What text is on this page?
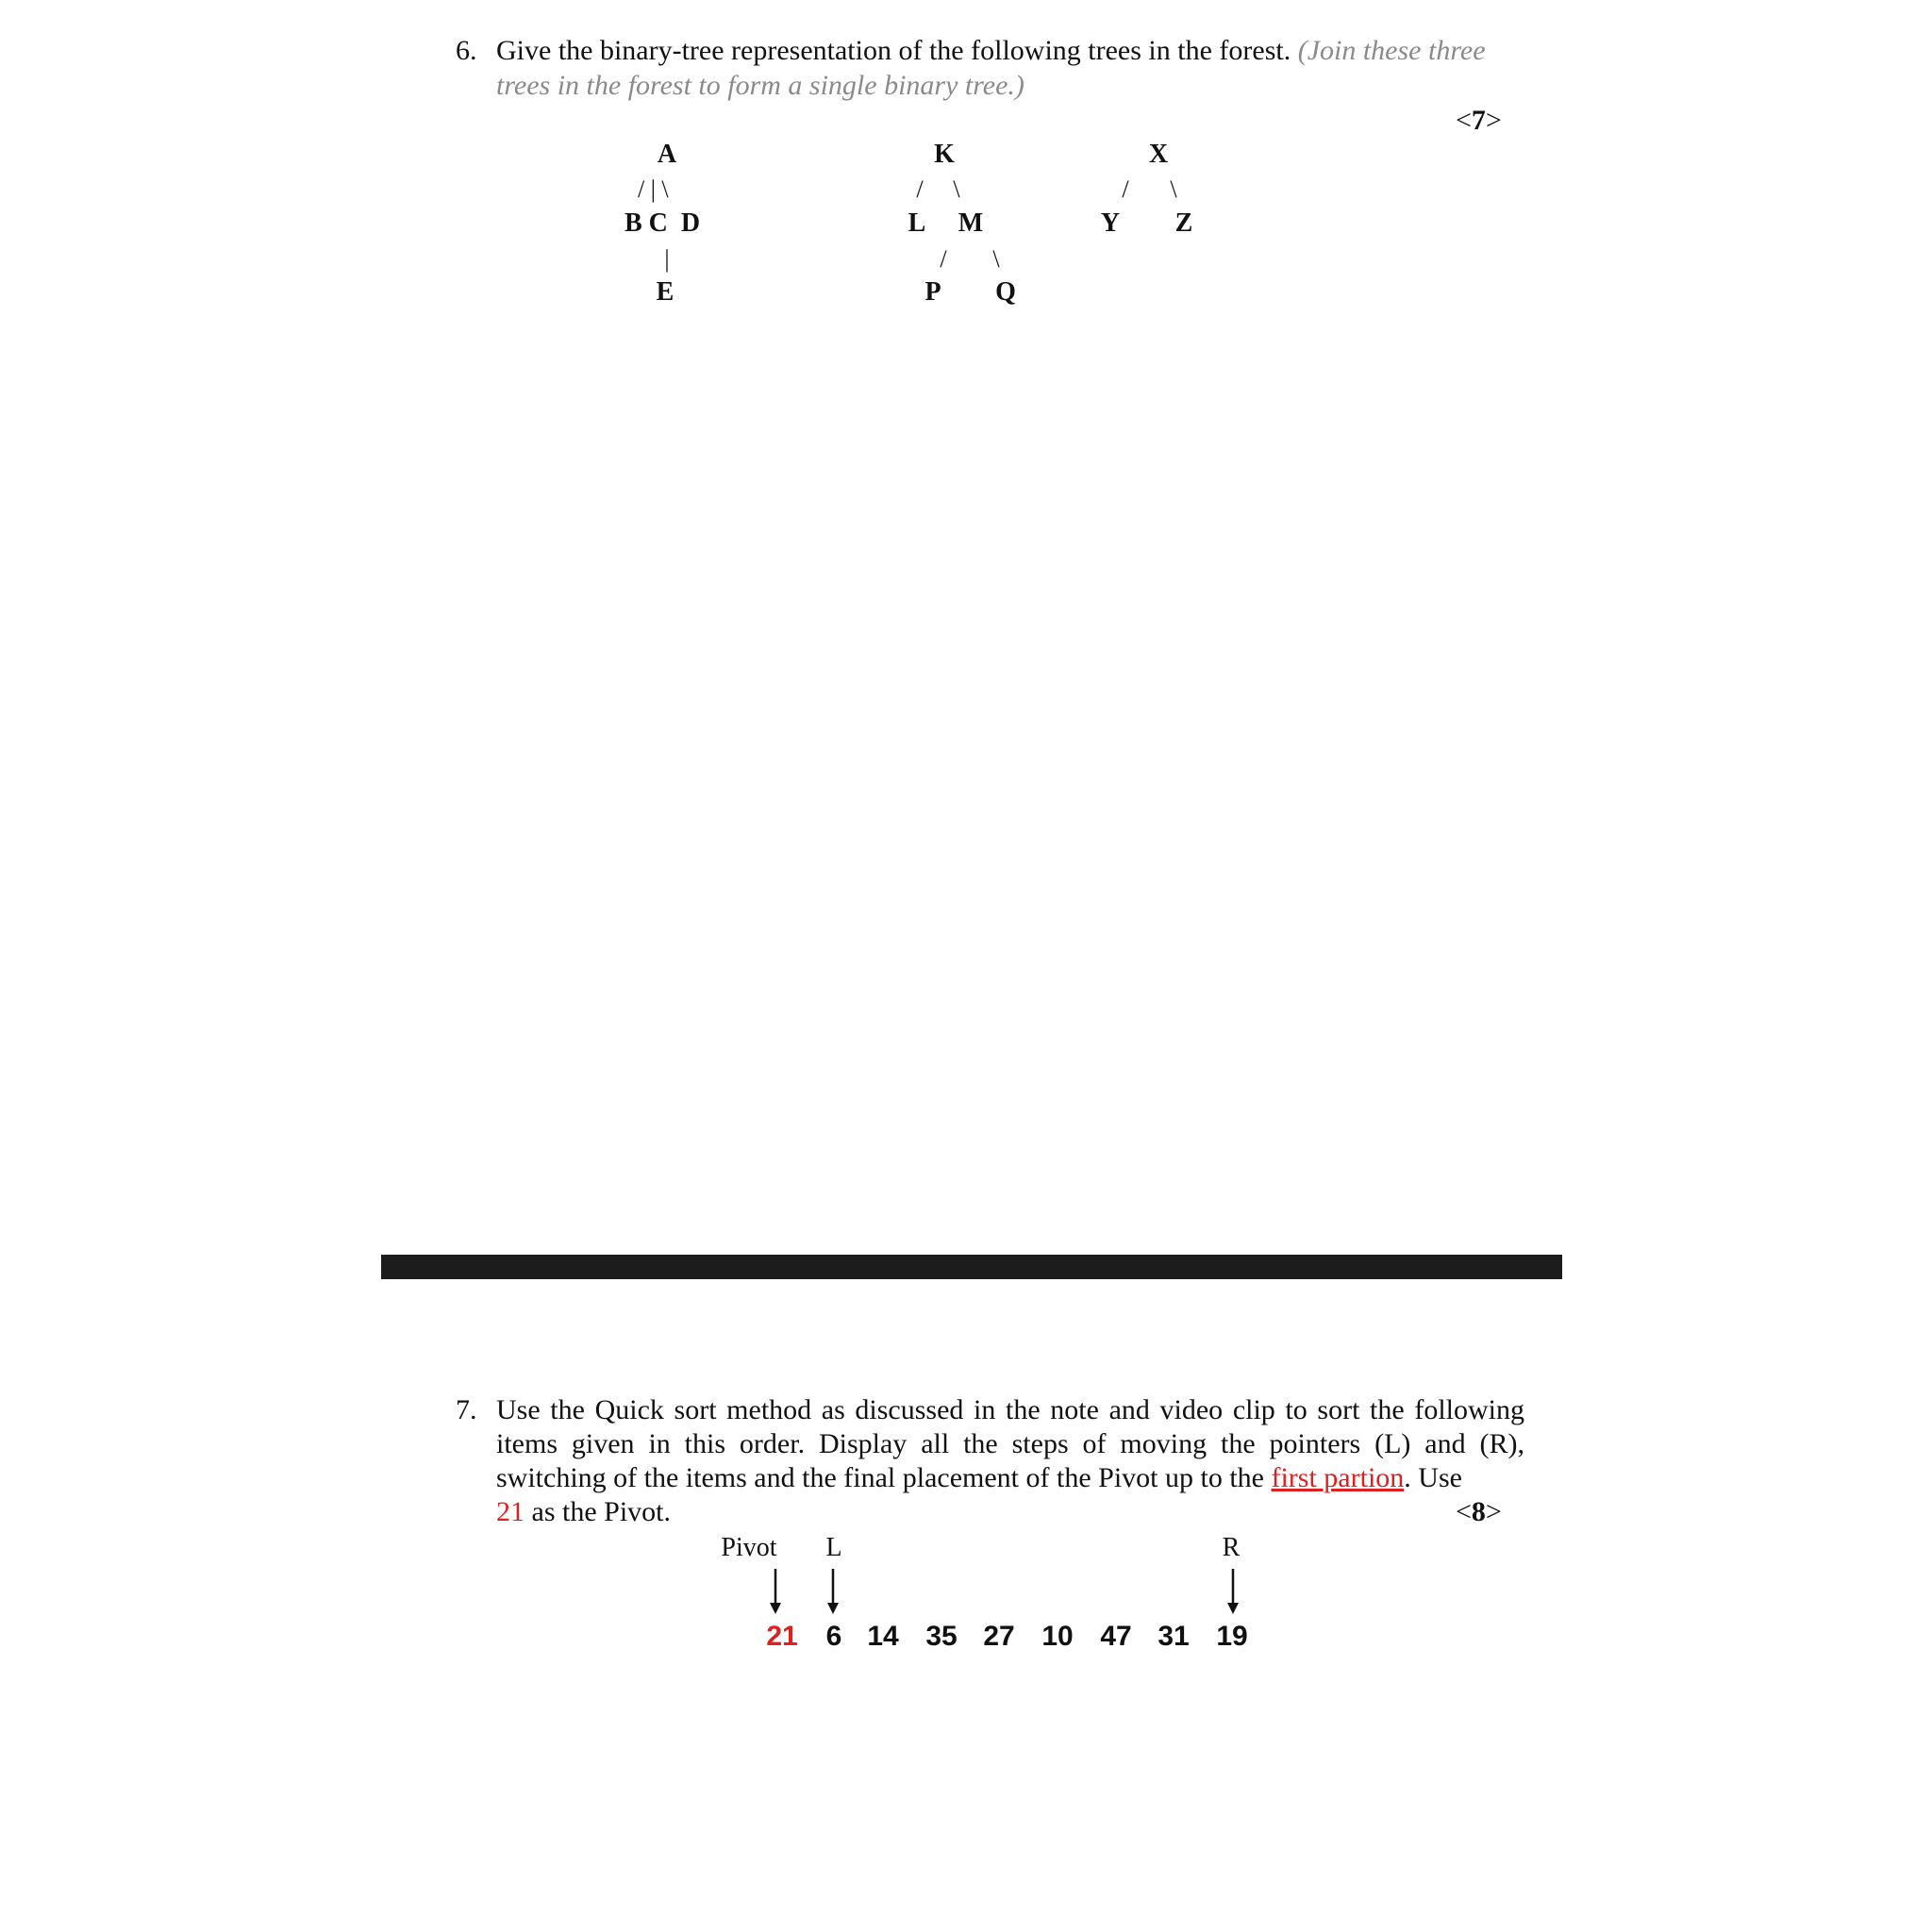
6. Give the binary-tree representation of the following trees in the forest. (Join these three
trees in the forest to form a single binary tree.)
<7>
A
/ | \
B C  D
|
E
K
/	\
L	M
/	\
P	Q
X
/	\
Y	Z
7. Use the Quick sort method as discussed in the note and video clip to sort the following
items given in this order. Display all the steps of moving the pointers (L) and (R),
switching of the items and the final placement of the Pivot up to the first partion. Use
21 as the Pivot.	<8>
Pivot L	R
21 6 14 35 27 10 47 31 19
